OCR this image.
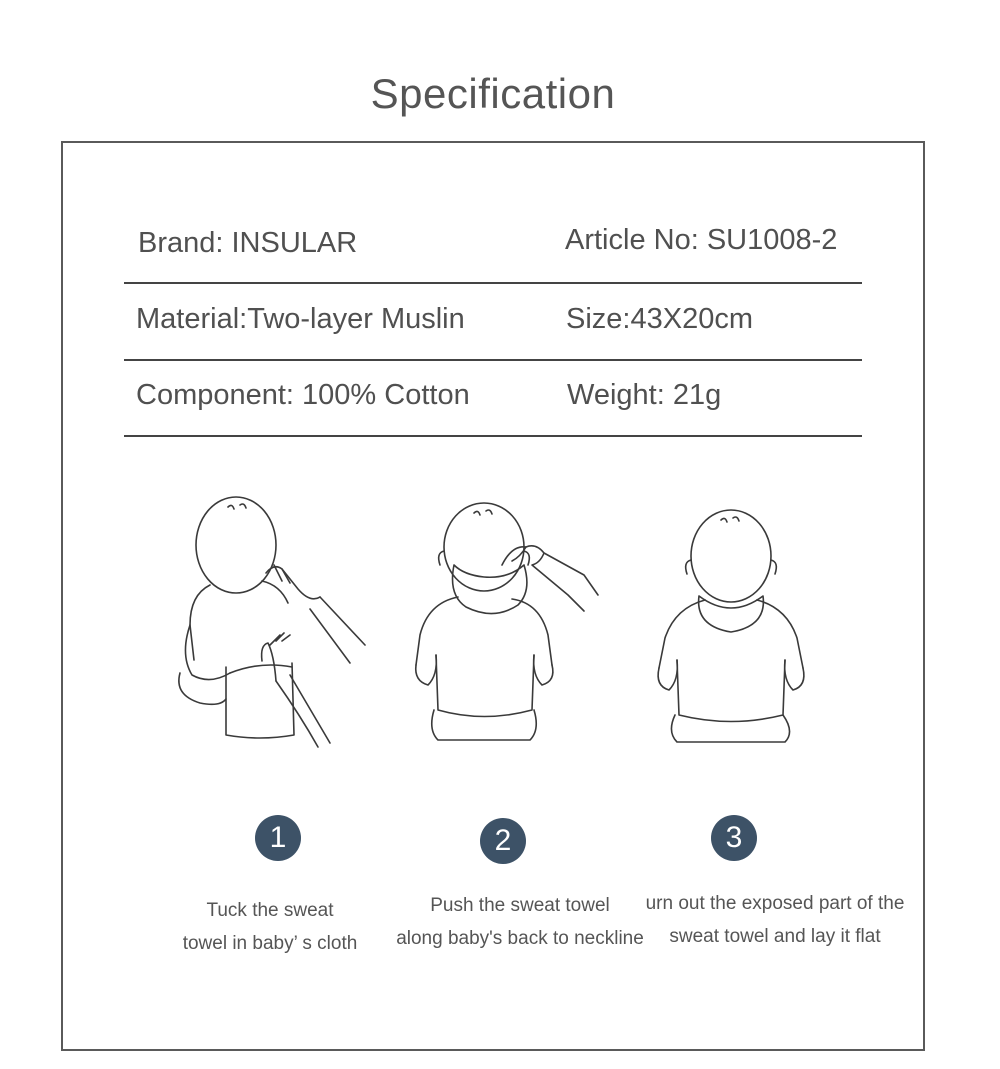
Specification
Brand: INSULAR	Article No: SU1008-2
Material:Two-layer Muslin	Size:43X20cm
Component: 100% Cotton	Weight: 21g
1	2	3
Tuck the sweat
towel in baby’ s cloth
Push the sweat towel
along baby's back to neckline
urn out the exposed part of the
sweat towel and lay it flat
